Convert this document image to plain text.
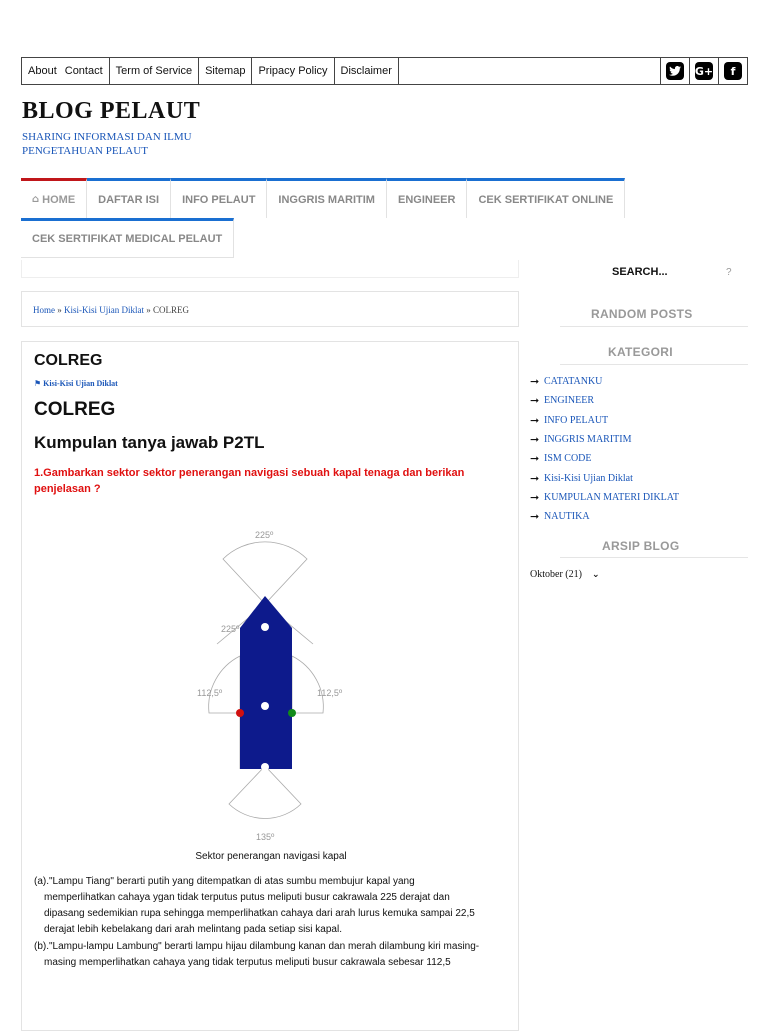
About Contact	Term of Service	Sitemap	Pripacy Policy	Disclaimer	G+	f
BLOG PELAUT
SHARING INFORMASI DAN ILMU PENGETAHUAN PELAUT
⌂ HOME	DAFTAR ISI	INFO PELAUT	INGGRIS MARITIM	ENGINEER	CEK SERTIFIKAT ONLINE
CEK SERTIFIKAT MEDICAL PELAUT
SEARCH...	?
Home » Kisi-Kisi Ujian Diklat » COLREG
COLREG
⚑ Kisi-Kisi Ujian Diklat
COLREG
Kumpulan tanya jawab P2TL
1.Gambarkan sektor sektor penerangan navigasi sebuah kapal tenaga dan berikan penjelasan ?
225º
225º
112,5º	112,5º
135º
Sektor penerangan navigasi kapal
(a)."Lampu Tiang" berarti putih yang ditempatkan di atas sumbu membujur kapal yang
memperlihatkan cahaya ygan tidak terputus putus meliputi busur cakrawala 225 derajat dan
dipasang sedemikian rupa sehingga memperlihatkan cahaya dari arah lurus kemuka sampai 22,5
derajat lebih kebelakang dari arah melintang pada setiap sisi kapal.
(b)."Lampu-lampu Lambung" berarti lampu hijau dilambung kanan dan merah dilambung kiri masing-
masing memperlihatkan cahaya yang tidak terputus meliputi busur cakrawala sebesar 112,5
RANDOM POSTS
KATEGORI
➞ CATATANKU
➞ ENGINEER
➞ INFO PELAUT
➞ INGGRIS MARITIM
➞ ISM CODE
➞ Kisi-Kisi Ujian Diklat
➞ KUMPULAN MATERI DIKLAT
➞ NAUTIKA
ARSIP BLOG
Oktober (21) ⌄
